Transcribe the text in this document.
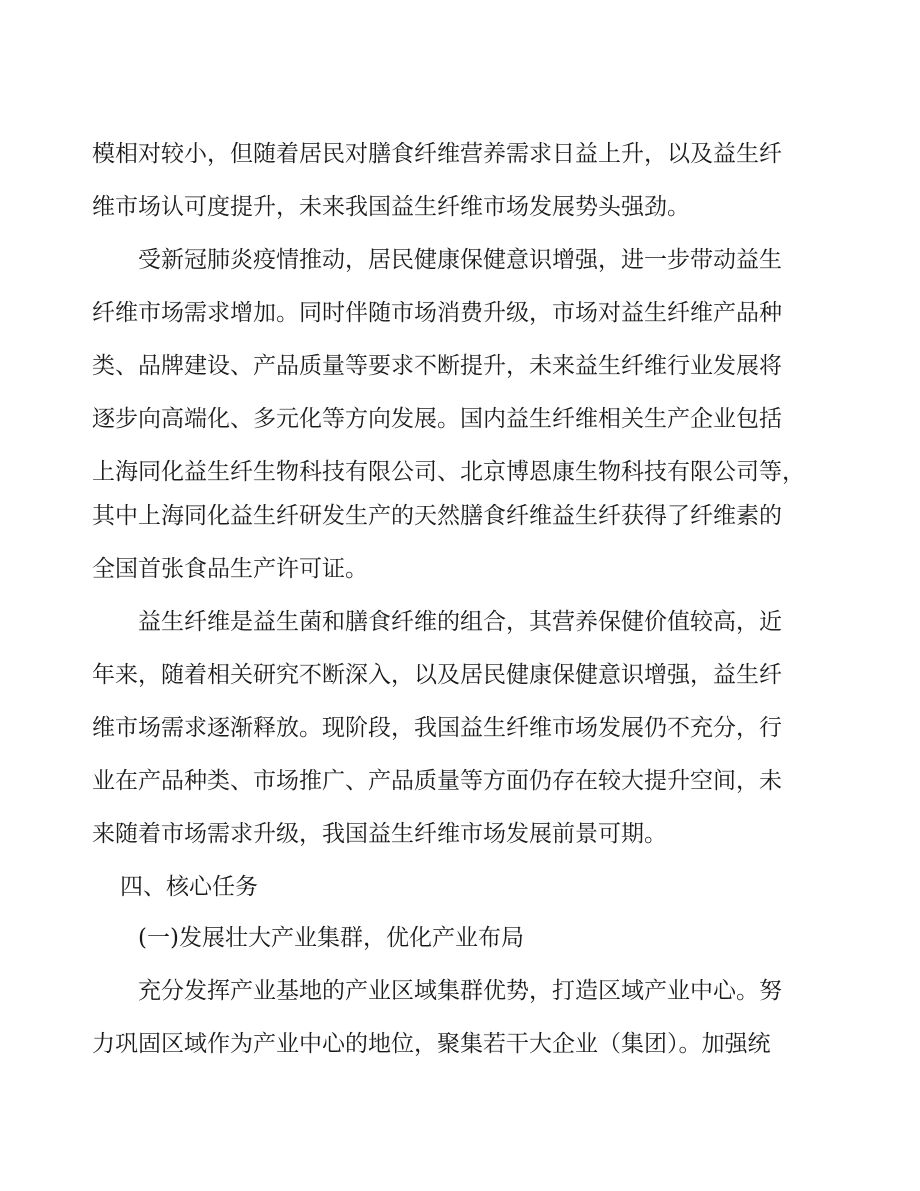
模相对较小，但随着居民对膳食纤维营养需求日益上升，以及益生纤
维市场认可度提升，未来我国益生纤维市场发展势头强劲。
受新冠肺炎疫情推动，居民健康保健意识增强，进一步带动益生
纤维市场需求增加。同时伴随市场消费升级，市场对益生纤维产品种
类、品牌建设、产品质量等要求不断提升，未来益生纤维行业发展将
逐步向高端化、多元化等方向发展。国内益生纤维相关生产企业包括
上海同化益生纤生物科技有限公司、北京博恩康生物科技有限公司等，
其中上海同化益生纤研发生产的天然膳食纤维益生纤获得了纤维素的
全国首张食品生产许可证。
益生纤维是益生菌和膳食纤维的组合，其营养保健价值较高，近
年来，随着相关研究不断深入，以及居民健康保健意识增强，益生纤
维市场需求逐渐释放。现阶段，我国益生纤维市场发展仍不充分，行
业在产品种类、市场推广、产品质量等方面仍存在较大提升空间，未
来随着市场需求升级，我国益生纤维市场发展前景可期。
四、核心任务
(一)发展壮大产业集群，优化产业布局
充分发挥产业基地的产业区域集群优势，打造区域产业中心。努
力巩固区域作为产业中心的地位，聚集若干大企业（集团）。加强统
